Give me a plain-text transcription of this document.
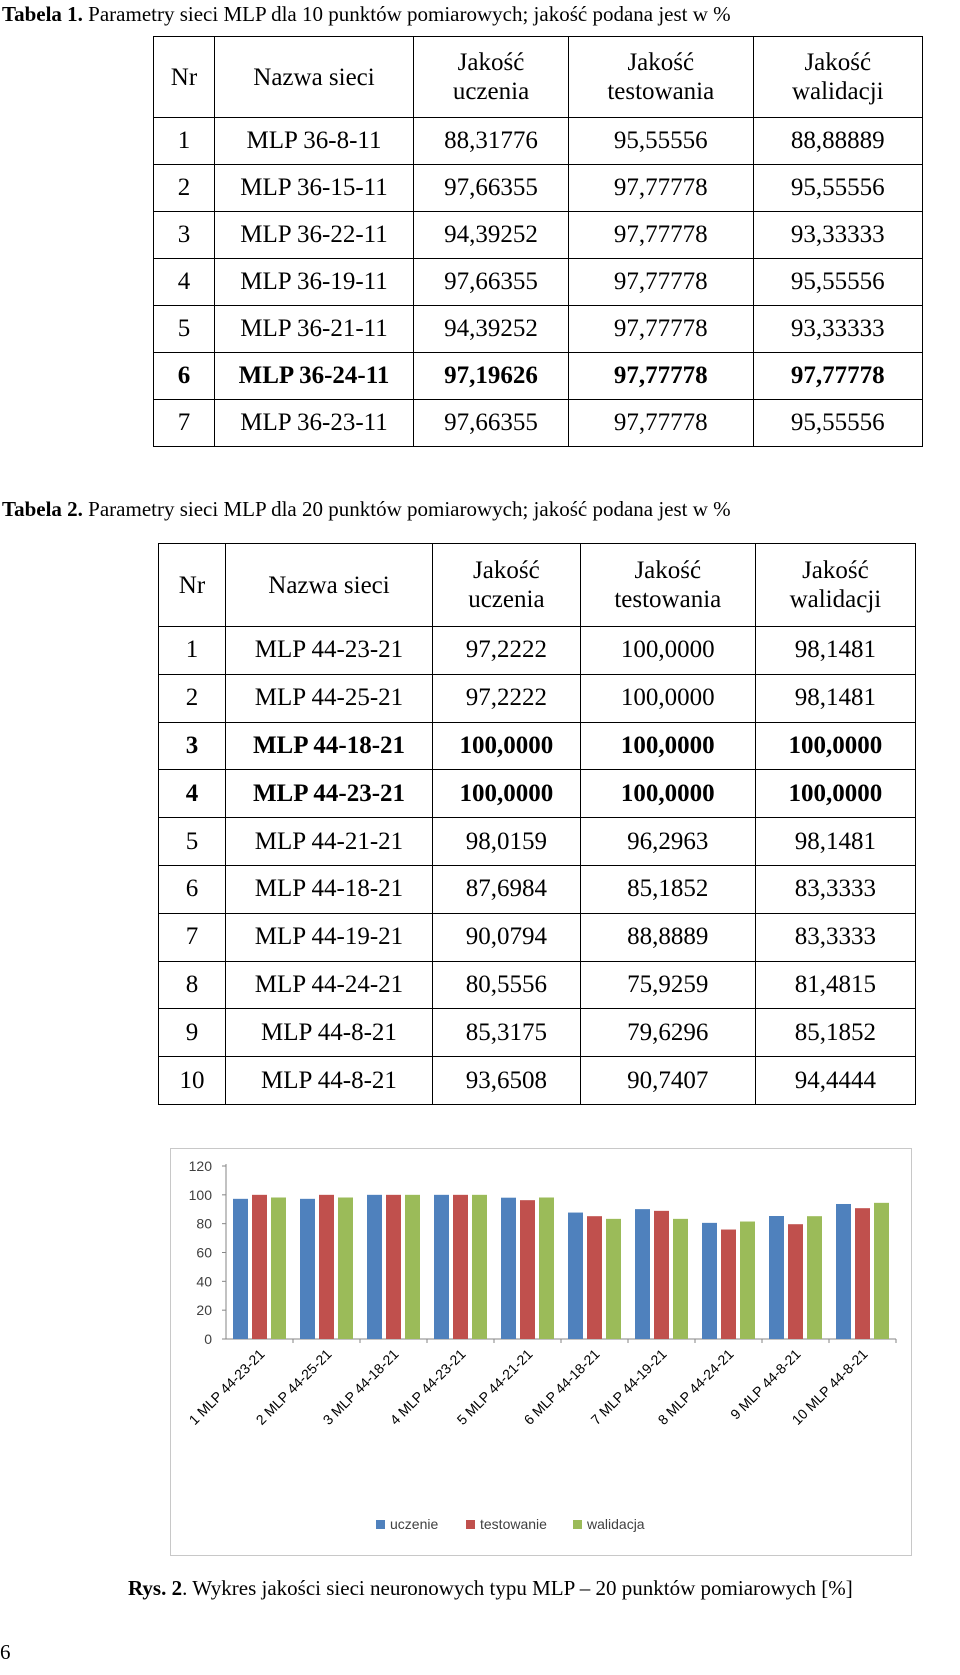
Tabela 1. Parametry sieci MLP dla 10 punktów pomiarowych; jakość podana jest w %
Nr	Nazwa sieci	Jakość uczenia	Jakość testowania	Jakość walidacji
1	MLP 36-8-11	88,31776	95,55556	88,88889
2	MLP 36-15-11	97,66355	97,77778	95,55556
3	MLP 36-22-11	94,39252	97,77778	93,33333
4	MLP 36-19-11	97,66355	97,77778	95,55556
5	MLP 36-21-11	94,39252	97,77778	93,33333
6	MLP 36-24-11	97,19626	97,77778	97,77778
7	MLP 36-23-11	97,66355	97,77778	95,55556
Tabela 2. Parametry sieci MLP dla 20 punktów pomiarowych; jakość podana jest w %
Nr	Nazwa sieci	Jakość uczenia	Jakość testowania	Jakość walidacji
1	MLP 44-23-21	97,2222	100,0000	98,1481
2	MLP 44-25-21	97,2222	100,0000	98,1481
3	MLP 44-18-21	100,0000	100,0000	100,0000
4	MLP 44-23-21	100,0000	100,0000	100,0000
5	MLP 44-21-21	98,0159	96,2963	98,1481
6	MLP 44-18-21	87,6984	85,1852	83,3333
7	MLP 44-19-21	90,0794	88,8889	83,3333
8	MLP 44-24-21	80,5556	75,9259	81,4815
9	MLP 44-8-21	85,3175	79,6296	85,1852
10	MLP 44-8-21	93,6508	90,7407	94,4444
0
20
40
60
80
100
120
1 MLP 44-23-21
2 MLP 44-25-21
3 MLP 44-18-21
4 MLP 44-23-21
5 MLP 44-21-21
6 MLP 44-18-21
7 MLP 44-19-21
8 MLP 44-24-21
9 MLP 44-8-21
10 MLP 44-8-21
uczenie	testowanie	walidacja
Rys. 2. Wykres jakości sieci neuronowych typu MLP – 20 punktów pomiarowych [%]
6
